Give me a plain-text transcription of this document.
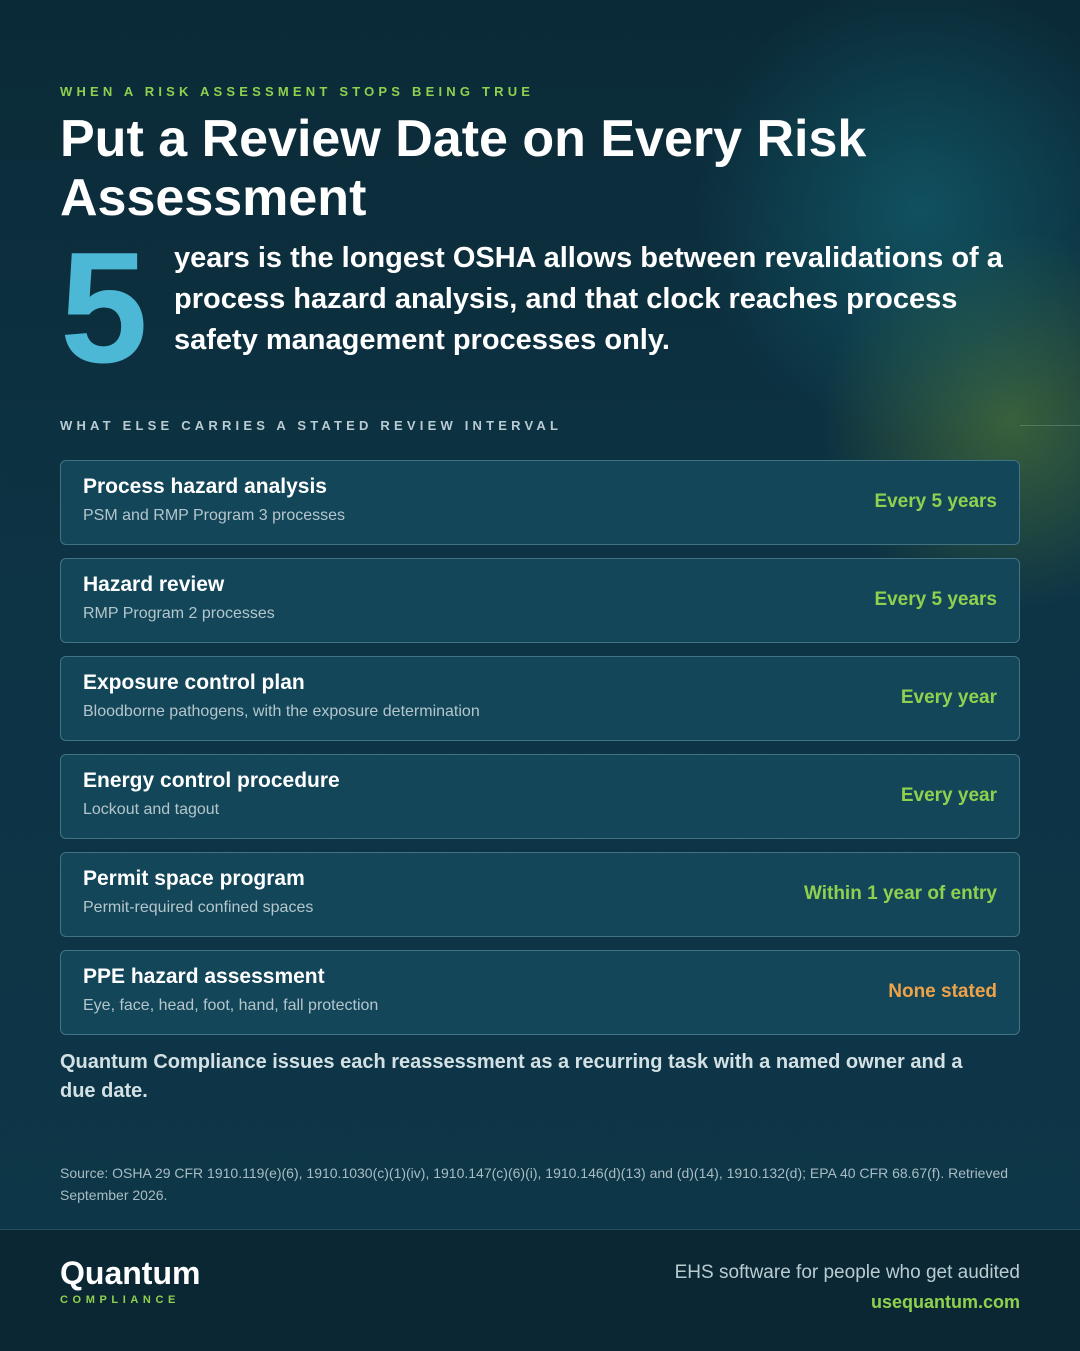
WHEN A RISK ASSESSMENT STOPS BEING TRUE
Put a Review Date on Every Risk Assessment
5 years is the longest OSHA allows between revalidations of a process hazard analysis, and that clock reaches process safety management processes only.

WHAT ELSE CARRIES A STATED REVIEW INTERVAL
Process hazard analysis
PSM and RMP Program 3 processes
Every 5 years
Hazard review
RMP Program 2 processes
Every 5 years
Exposure control plan
Bloodborne pathogens, with the exposure determination
Every year
Energy control procedure
Lockout and tagout
Every year
Permit space program
Permit-required confined spaces
Within 1 year of entry
PPE hazard assessment
Eye, face, head, foot, hand, fall protection
None stated

Quantum Compliance issues each reassessment as a recurring task with a named owner and a due date.

Source: OSHA 29 CFR 1910.119(e)(6), 1910.1030(c)(1)(iv), 1910.147(c)(6)(i), 1910.146(d)(13) and (d)(14), 1910.132(d); EPA 40 CFR 68.67(f). Retrieved September 2026.

Quantum
COMPLIANCE
EHS software for people who get audited
usequantum.com
